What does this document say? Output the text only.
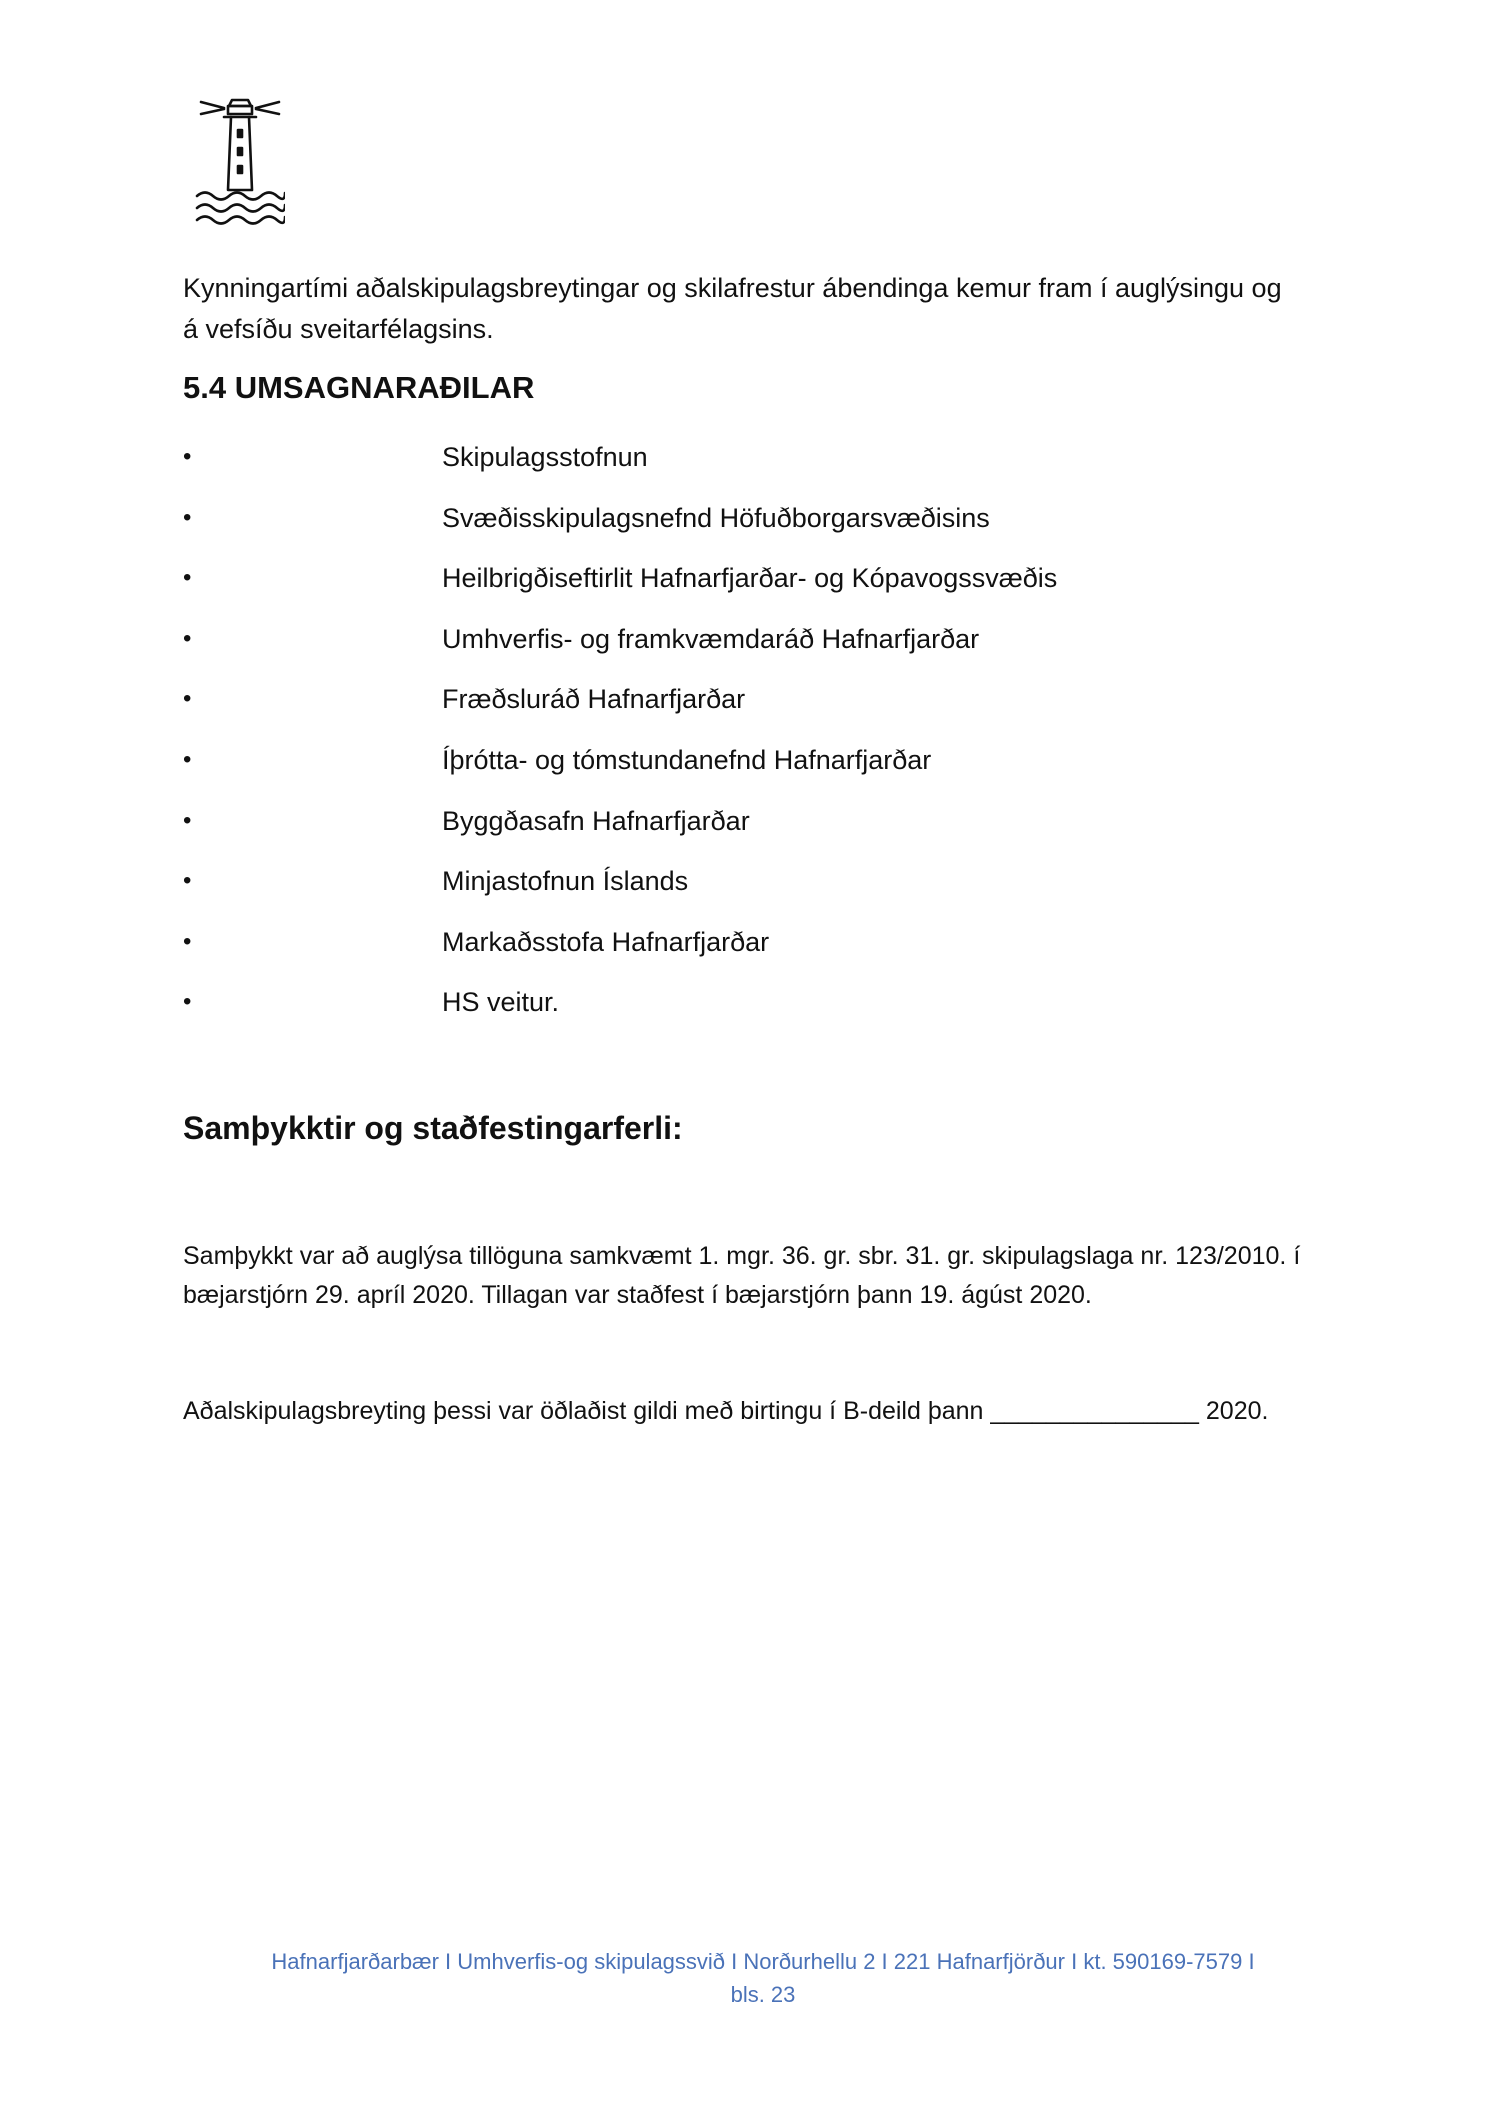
Kynningartími aðalskipulagsbreytingar og skilafrestur ábendinga kemur fram í auglýsingu og

á vefsíðu sveitarfélagsins.

5.4 UMSAGNARAÐILAR
•	Skipulagsstofnun
•	Svæðisskipulagsnefnd Höfuðborgarsvæðisins
•	Heilbrigðiseftirlit Hafnarfjarðar- og Kópavogssvæðis
•	Umhverfis- og framkvæmdaráð Hafnarfjarðar
•	Fræðsluráð Hafnarfjarðar
•	Íþrótta- og tómstundanefnd Hafnarfjarðar
•	Byggðasafn Hafnarfjarðar
•	Minjastofnun Íslands
•	Markaðsstofa Hafnarfjarðar
•	HS veitur.
Samþykktir og staðfestingarferli:
Samþykkt var að auglýsa tillöguna samkvæmt 1. mgr. 36. gr. sbr. 31. gr. skipulagslaga nr. 123/2010. í
bæjarstjórn 29. apríl 2020. Tillagan var staðfest í bæjarstjórn þann 19. ágúst 2020.

Aðalskipulagsbreyting þessi var öðlaðist gildi með birtingu í B-deild þann _______________ 2020.

Hafnarfjarðarbær I Umhverfis-og skipulagssvið I Norðurhellu 2 I 221 Hafnarfjörður I kt. 590169-7579 I
bls. 23
